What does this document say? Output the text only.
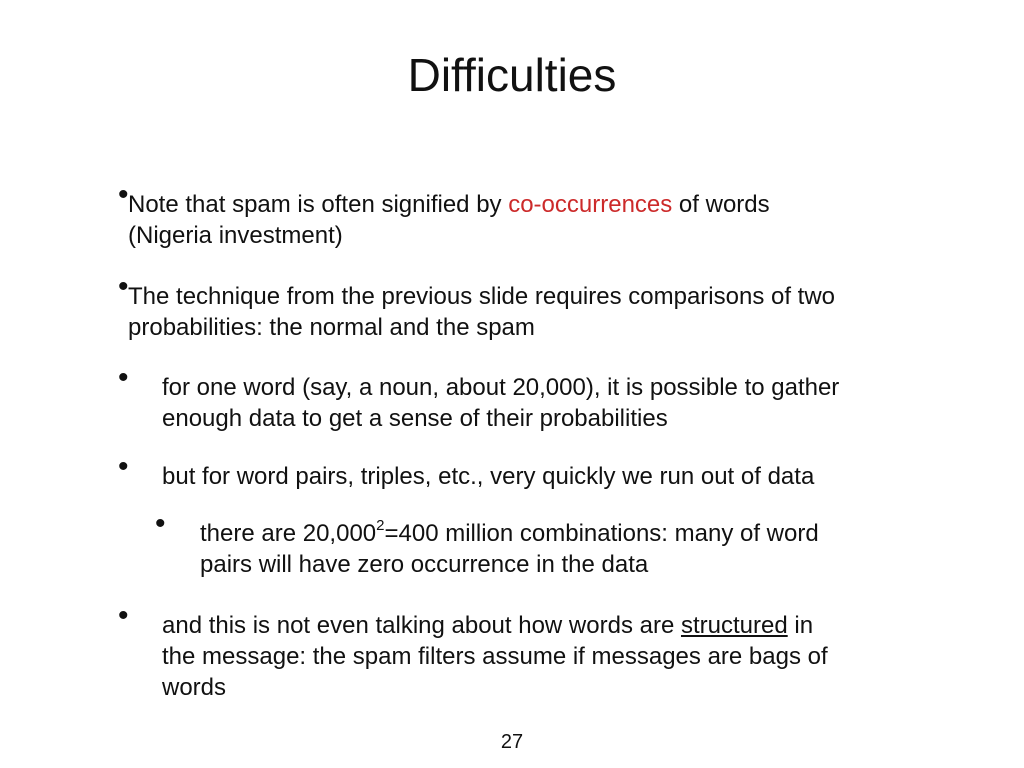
Difficulties
• Note that spam is often signified by co-occurrences of words
(Nigeria investment)
• The technique from the previous slide requires comparisons of two
probabilities: the normal and the spam
• for one word (say, a noun, about 20,000), it is possible to gather
enough data to get a sense of their probabilities
• but for word pairs, triples, etc., very quickly we run out of data
• there are $20,000^2=400$ million combinations: many of word
pairs will have zero occurrence in the data
• and this is not even talking about how words are structured in
the message: the spam filters assume if messages are bags of
words
27
